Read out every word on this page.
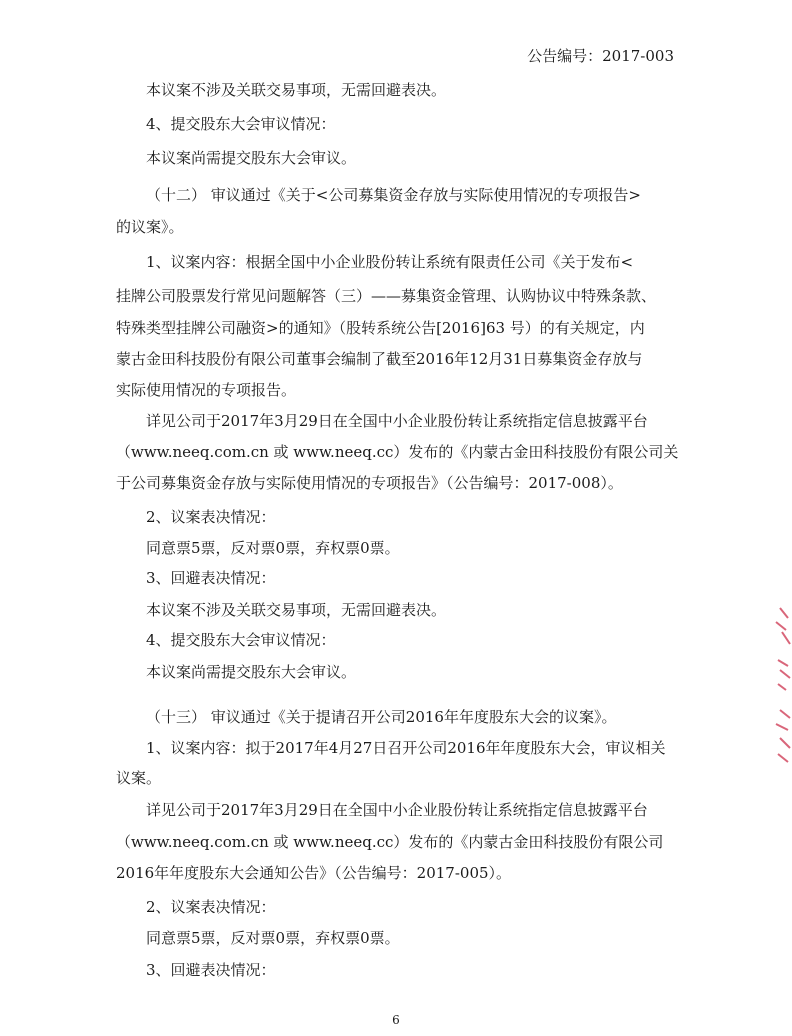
公告编号：2017-003
本议案不涉及关联交易事项，无需回避表决。
4、提交股东大会审议情况：
本议案尚需提交股东大会审议。
（十二） 审议通过《关于<公司募集资金存放与实际使用情况的专项报告>
的议案》。
1、议案内容：根据全国中小企业股份转让系统有限责任公司《关于发布<
挂牌公司股票发行常见问题解答（三）——募集资金管理、认购协议中特殊条款、
特殊类型挂牌公司融资>的通知》（股转系统公告[2016]63 号）的有关规定，内
蒙古金田科技股份有限公司董事会编制了截至2016年12月31日募集资金存放与
实际使用情况的专项报告。
详见公司于2017年3月29日在全国中小企业股份转让系统指定信息披露平台
（www.neeq.com.cn 或 www.neeq.cc）发布的《内蒙古金田科技股份有限公司关
于公司募集资金存放与实际使用情况的专项报告》（公告编号：2017-008）。
2、议案表决情况：
同意票5票，反对票0票，弃权票0票。
3、回避表决情况：
本议案不涉及关联交易事项，无需回避表决。
4、提交股东大会审议情况：
本议案尚需提交股东大会审议。
（十三） 审议通过《关于提请召开公司2016年年度股东大会的议案》。
1、议案内容：拟于2017年4月27日召开公司2016年年度股东大会，审议相关
议案。
详见公司于2017年3月29日在全国中小企业股份转让系统指定信息披露平台
（www.neeq.com.cn 或 www.neeq.cc）发布的《内蒙古金田科技股份有限公司
2016年年度股东大会通知公告》（公告编号：2017-005）。
2、议案表决情况：
同意票5票，反对票0票，弃权票0票。
3、回避表决情况：
6
